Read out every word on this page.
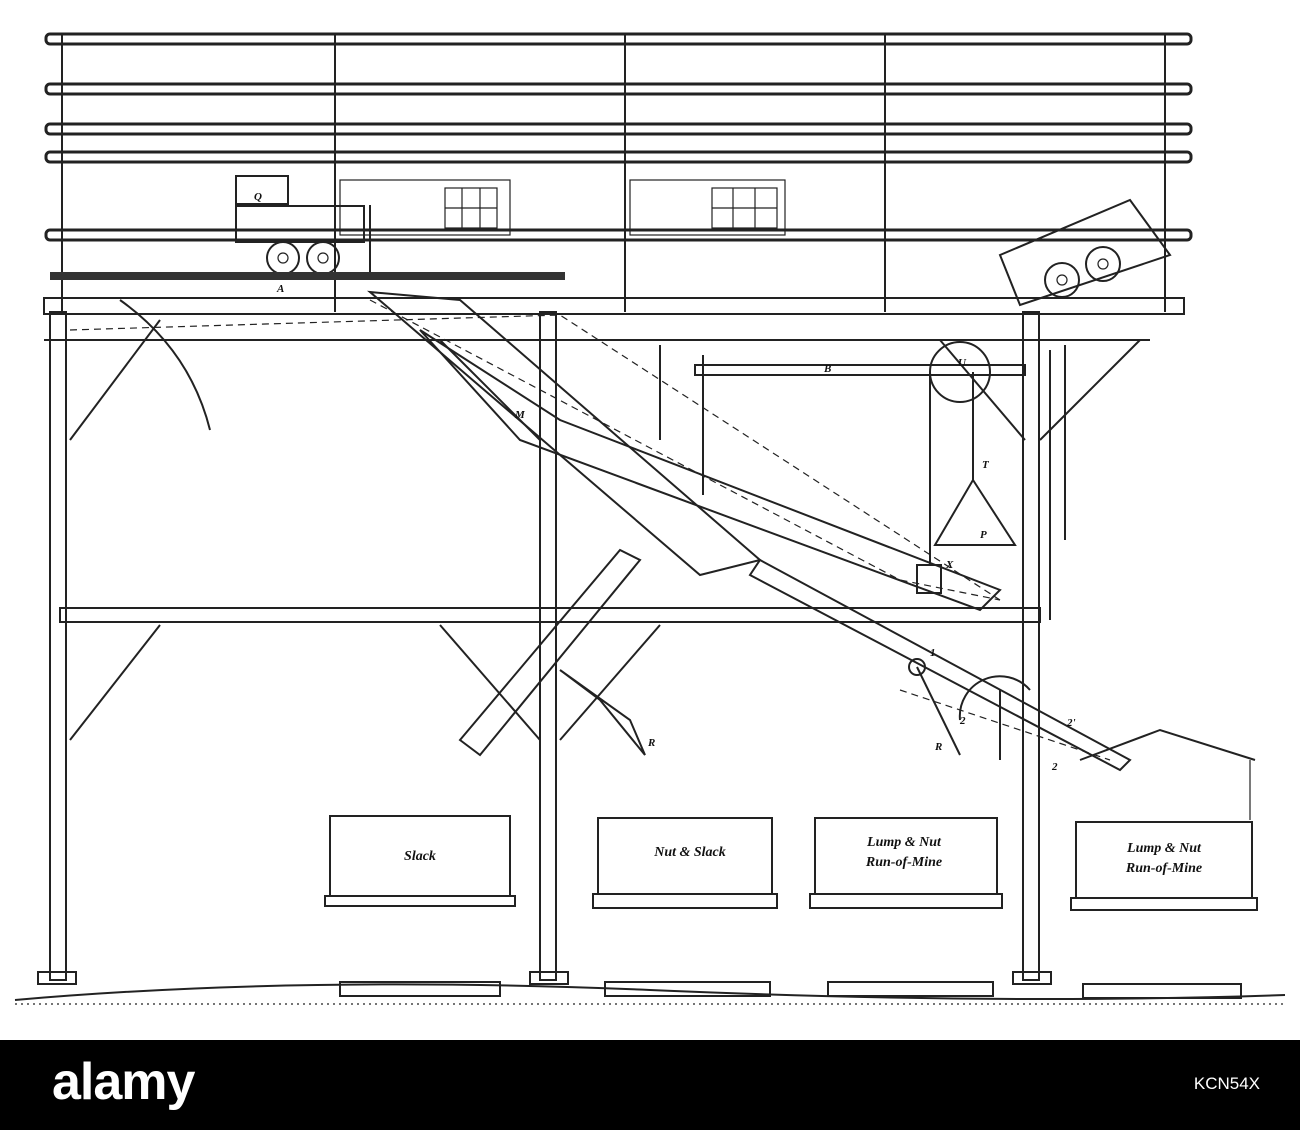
Q
A
M
B	U
T
P
X
1
2	2'
2
R	R
Slack	Nut & Slack
Lump & Nut
Run-of-Mine
Lump & Nut
Run-of-Mine
alamy	KCN54X
